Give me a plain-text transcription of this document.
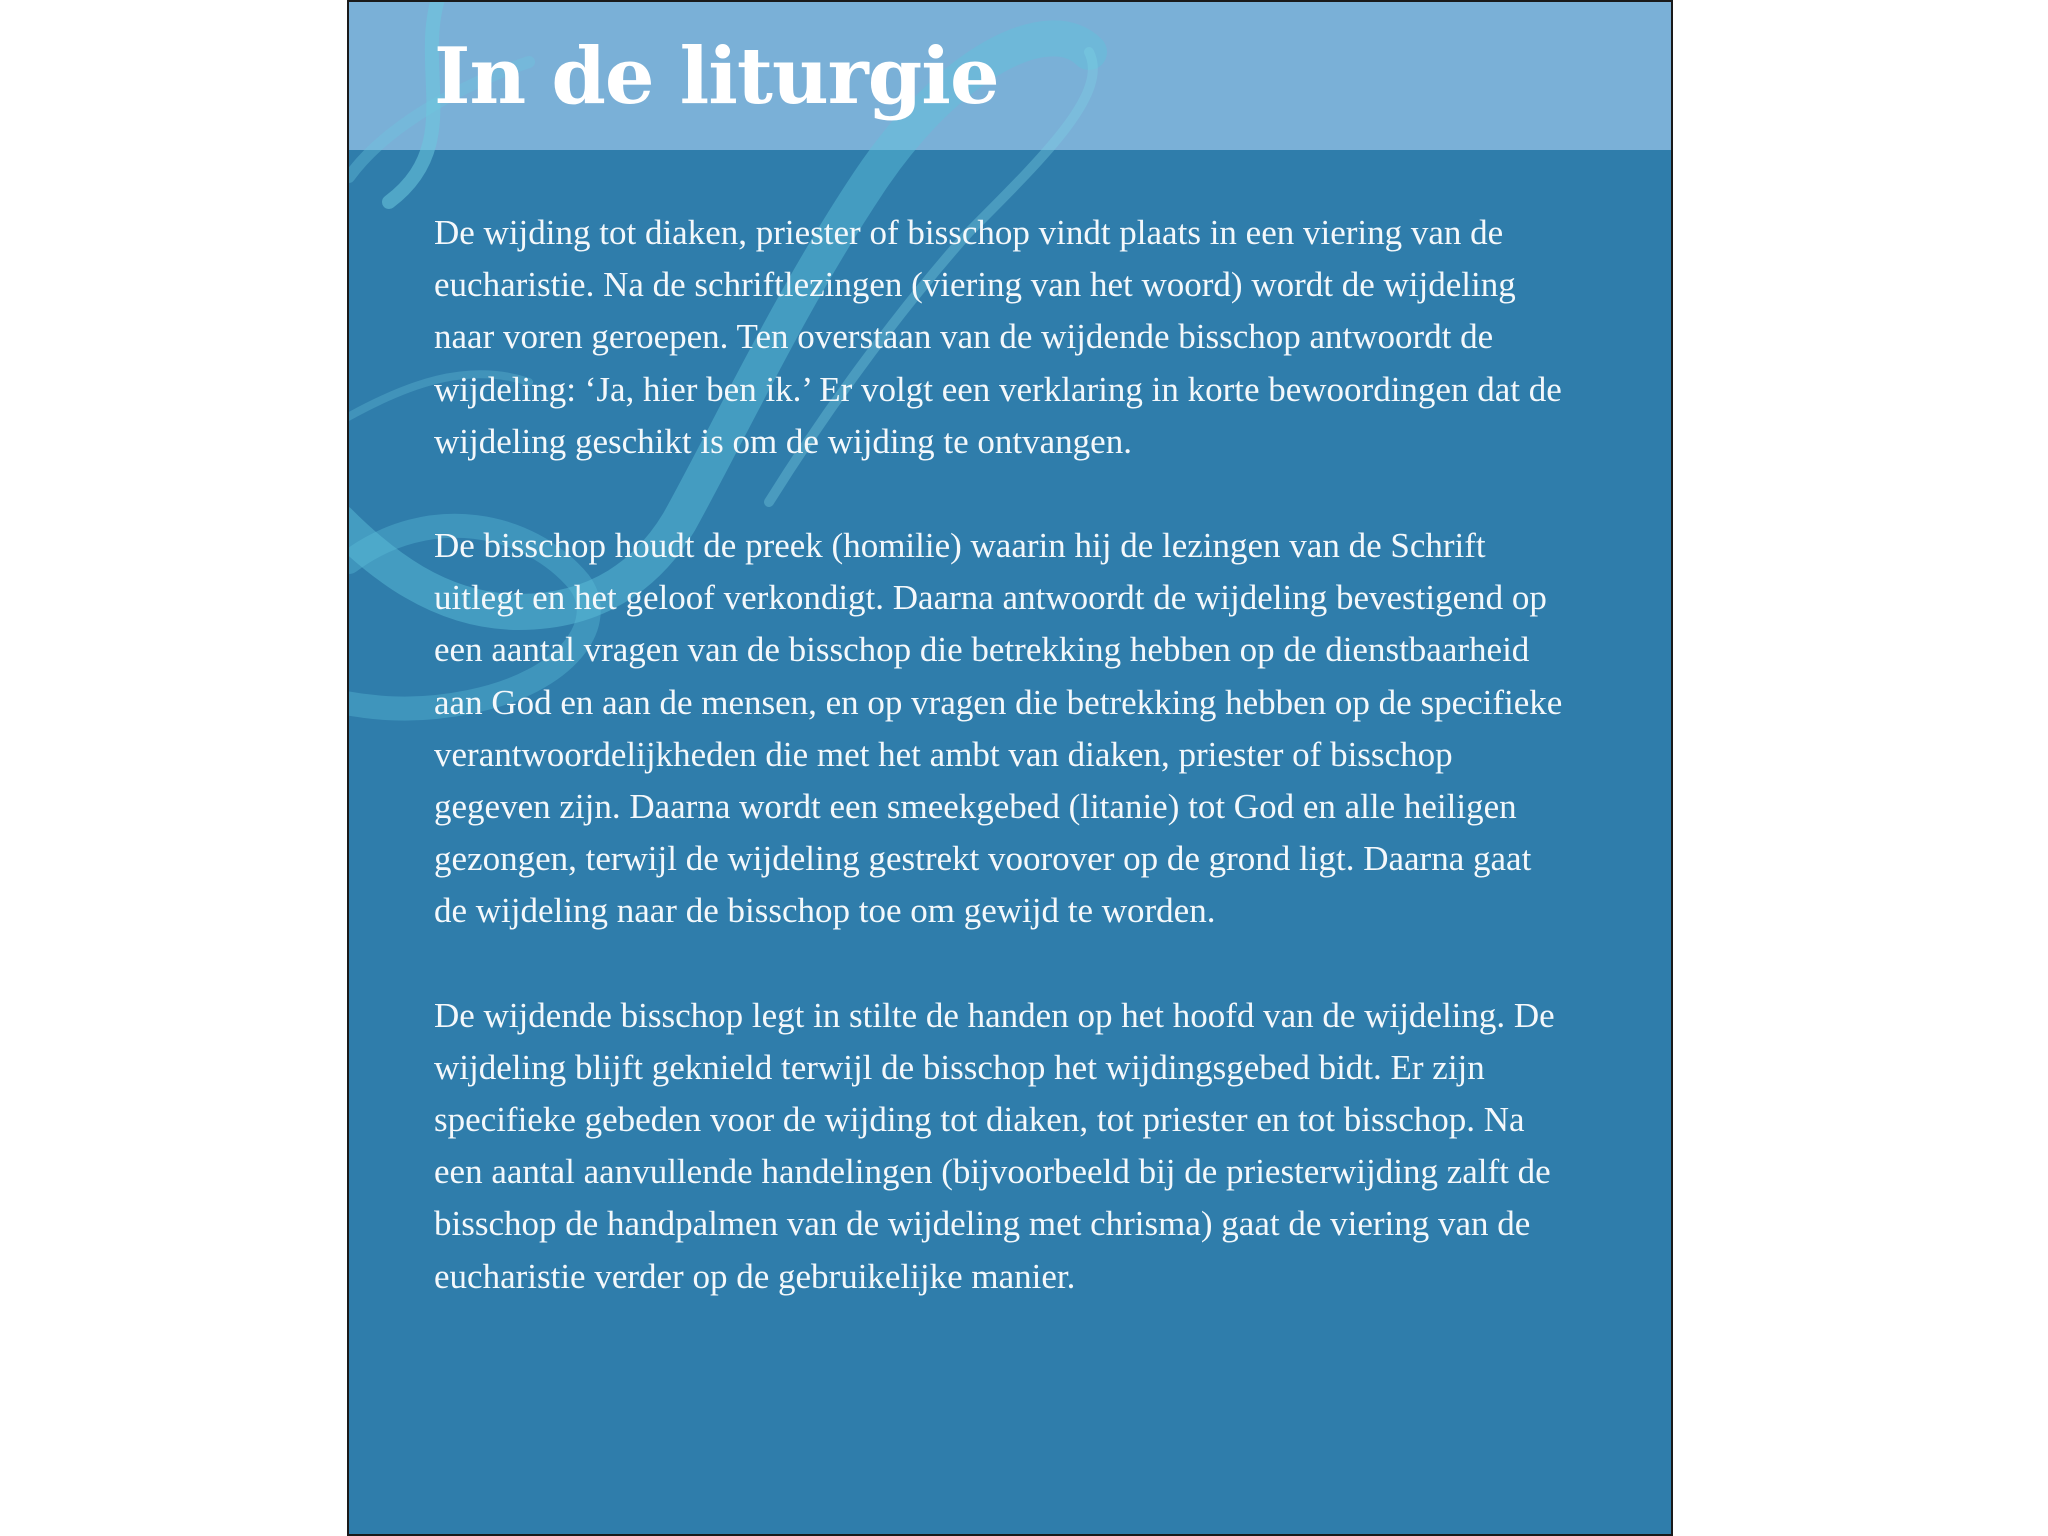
In de liturgie

De wijding tot diaken, priester of bisschop vindt plaats in een viering van de eucharistie. Na de schriftlezingen (viering van het woord) wordt de wijdeling naar voren geroepen. Ten overstaan van de wijdende bisschop antwoordt de wijdeling: ‘Ja, hier ben ik.’ Er volgt een verklaring in korte bewoordingen dat de wijdeling geschikt is om de wijding te ontvangen.

De bisschop houdt de preek (homilie) waarin hij de lezingen van de Schrift uitlegt en het geloof verkondigt. Daarna antwoordt de wijdeling bevestigend op een aantal vragen van de bisschop die betrekking hebben op de dienstbaarheid aan God en aan de mensen, en op vragen die betrekking hebben op de specifieke verantwoordelijkheden die met het ambt van diaken, priester of bisschop gegeven zijn. Daarna wordt een smeekgebed (litanie) tot God en alle heiligen gezongen, terwijl de wijdeling gestrekt voorover op de grond ligt. Daarna gaat de wijdeling naar de bisschop toe om gewijd te worden.

De wijdende bisschop legt in stilte de handen op het hoofd van de wijdeling. De wijdeling blijft geknield terwijl de bisschop het wijdingsgebed bidt. Er zijn specifieke gebeden voor de wijding tot diaken, tot priester en tot bisschop. Na een aantal aanvullende handelingen (bijvoorbeeld bij de priesterwijding zalft de bisschop de handpalmen van de wijdeling met chrisma) gaat de viering van de eucharistie verder op de gebruikelijke manier.
